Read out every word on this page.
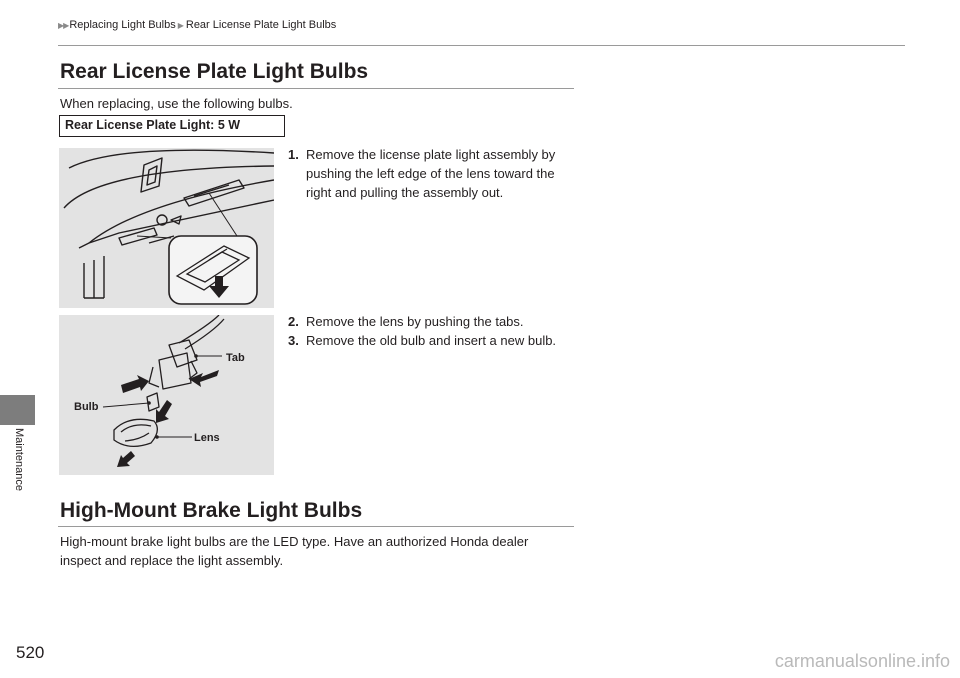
▶▶ Replacing Light Bulbs ▶ Rear License Plate Light Bulbs
Maintenance
Rear License Plate Light Bulbs
When replacing, use the following bulbs.
Rear License Plate Light: 5 W
1. Remove the license plate light assembly by
pushing the left edge of the lens toward the
right and pulling the assembly out.
Tab
Bulb
Lens
2. Remove the lens by pushing the tabs.
3. Remove the old bulb and insert a new bulb.
High-Mount Brake Light Bulbs
High-mount brake light bulbs are the LED type. Have an authorized Honda dealer
inspect and replace the light assembly.
520	carmanualsonline.info
